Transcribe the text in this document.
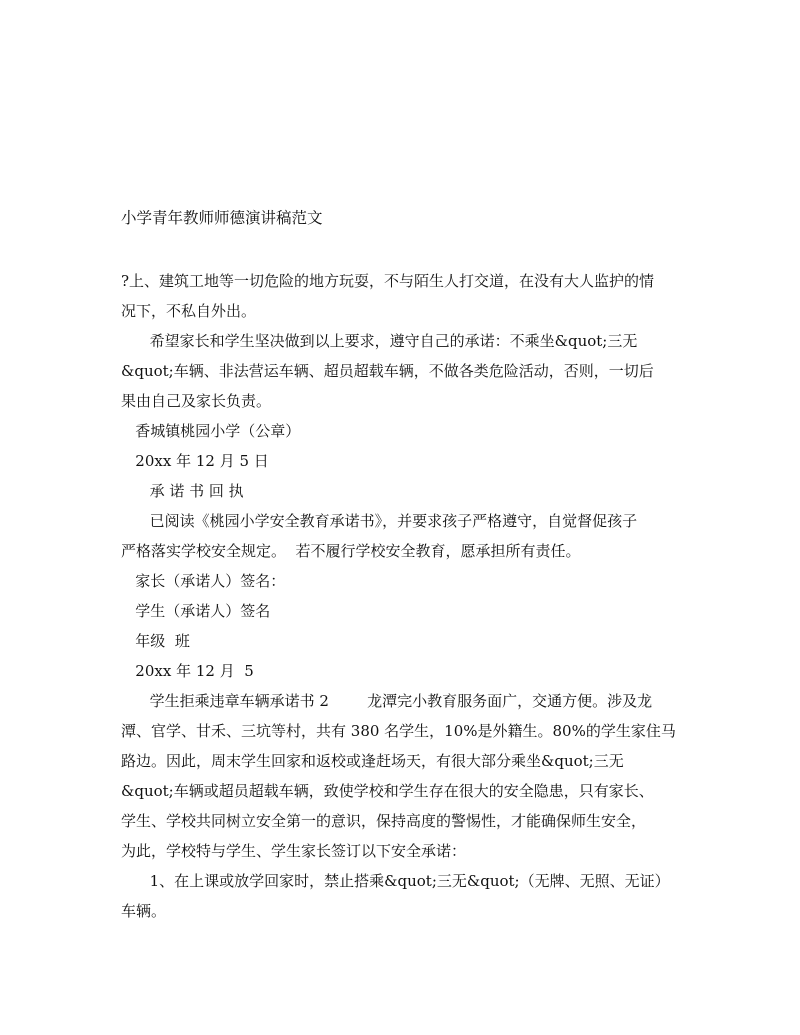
小学青年教师师德演讲稿范文
?上、建筑工地等一切危险的地方玩耍，不与陌生人打交道，在没有大人监护的情
况下，不私自外出。
希望家长和学生坚决做到以上要求，遵守自己的承诺：不乘坐&quot;三无
&quot;车辆、非法营运车辆、超员超载车辆，不做各类危险活动，否则，一切后
果由自己及家长负责。
香城镇桃园小学（公章）
20xx 年 12 月 5 日
承 诺 书 回 执
已阅读《桃园小学安全教育承诺书》，并要求孩子严格遵守，自觉督促孩子
严格落实学校安全规定。  若不履行学校安全教育，愿承担所有责任。
家长（承诺人）签名：
学生（承诺人）签名
年级  班
20xx 年 12 月  5
学生拒乘违章车辆承诺书 2        龙潭完小教育服务面广，交通方便。涉及龙
潭、官学、甘禾、三坑等村，共有 380 名学生，10%是外籍生。80%的学生家住马
路边。因此，周末学生回家和返校或逢赶场天，有很大部分乘坐&quot;三无
&quot;车辆或超员超载车辆，致使学校和学生存在很大的安全隐患，只有家长、
学生、学校共同树立安全第一的意识，保持高度的警惕性，才能确保师生安全，
为此，学校特与学生、学生家长签订以下安全承诺：
1、在上课或放学回家时，禁止搭乘&quot;三无&quot;（无牌、无照、无证）
车辆。
